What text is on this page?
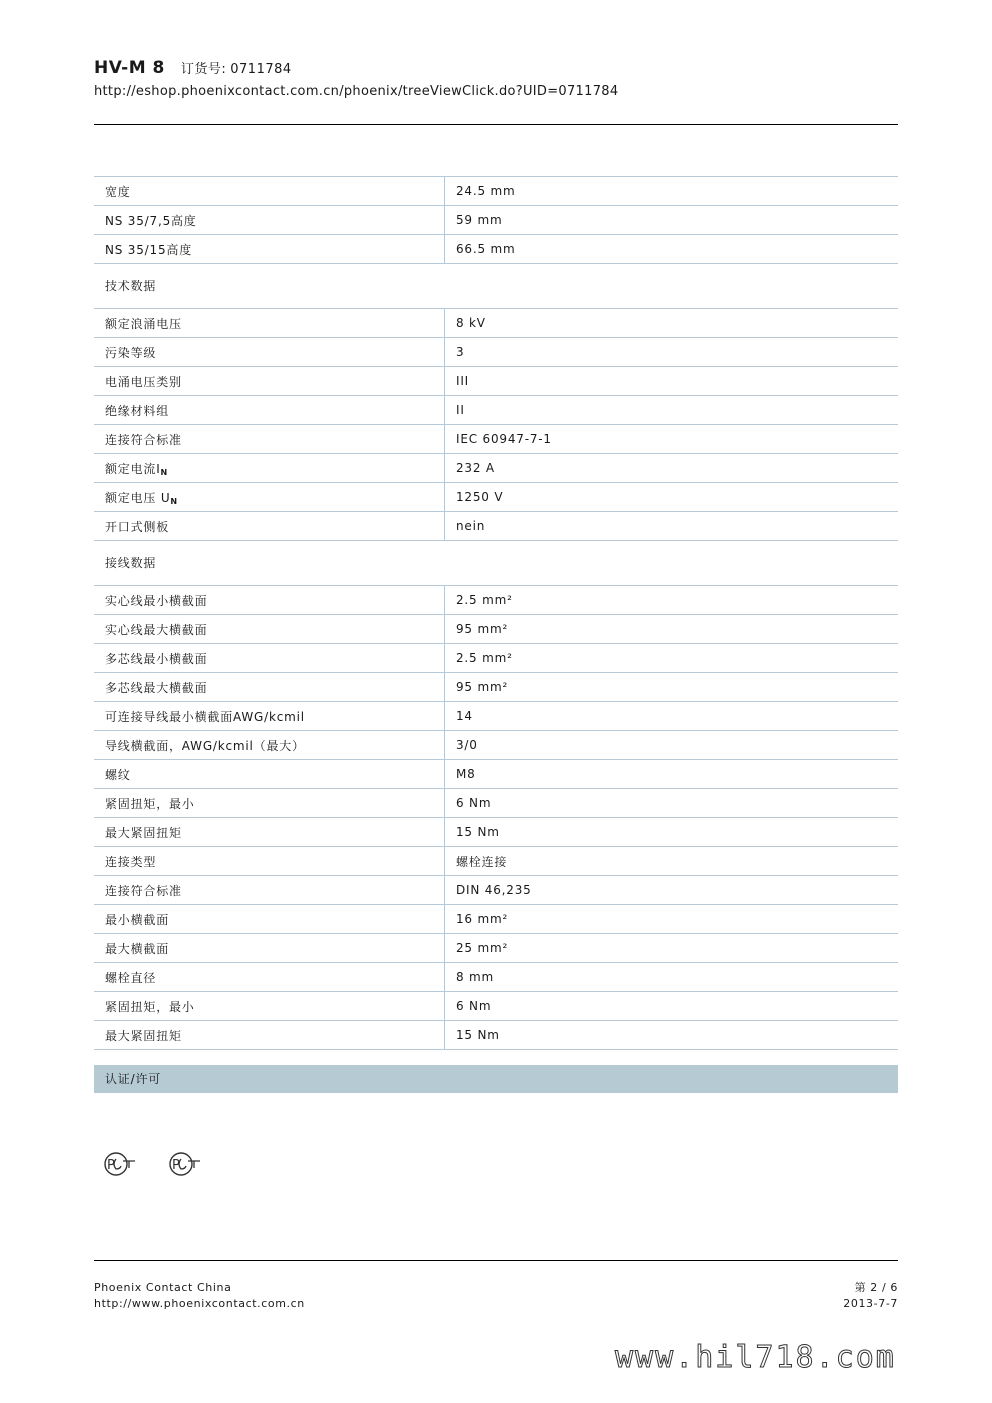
HV-M 8 订货号: 0711784
http://eshop.phoenixcontact.com.cn/phoenix/treeViewClick.do?UID=0711784
宽度	24.5 mm
NS 35/7,5高度	59 mm
NS 35/15高度	66.5 mm
技术数据
额定浪涌电压	8 kV
污染等级	3
电涌电压类别	III
绝缘材料组	II
连接符合标准	IEC 60947-7-1
额定电流$I_N$	232 A
额定电压 $U_N$	1250 V
开口式侧板	nein
接线数据
实心线最小横截面	2.5 mm²
实心线最大横截面	95 mm²
多芯线最小横截面	2.5 mm²
多芯线最大横截面	95 mm²
可连接导线最小横截面AWG/kcmil	14
导线横截面，AWG/kcmil（最大）	3/0
螺纹	M8
紧固扭矩，最小	6 Nm
最大紧固扭矩	15 Nm
连接类型	螺栓连接
连接符合标准	DIN 46,235
最小横截面	16 mm²
最大横截面	25 mm²
螺栓直径	8 mm
紧固扭矩，最小	6 Nm
最大紧固扭矩	15 Nm
认证/许可
P	P
Phoenix Contact China
http://www.phoenixcontact.com.cn
第 2 / 6
2013-7-7
www.hil718.com
